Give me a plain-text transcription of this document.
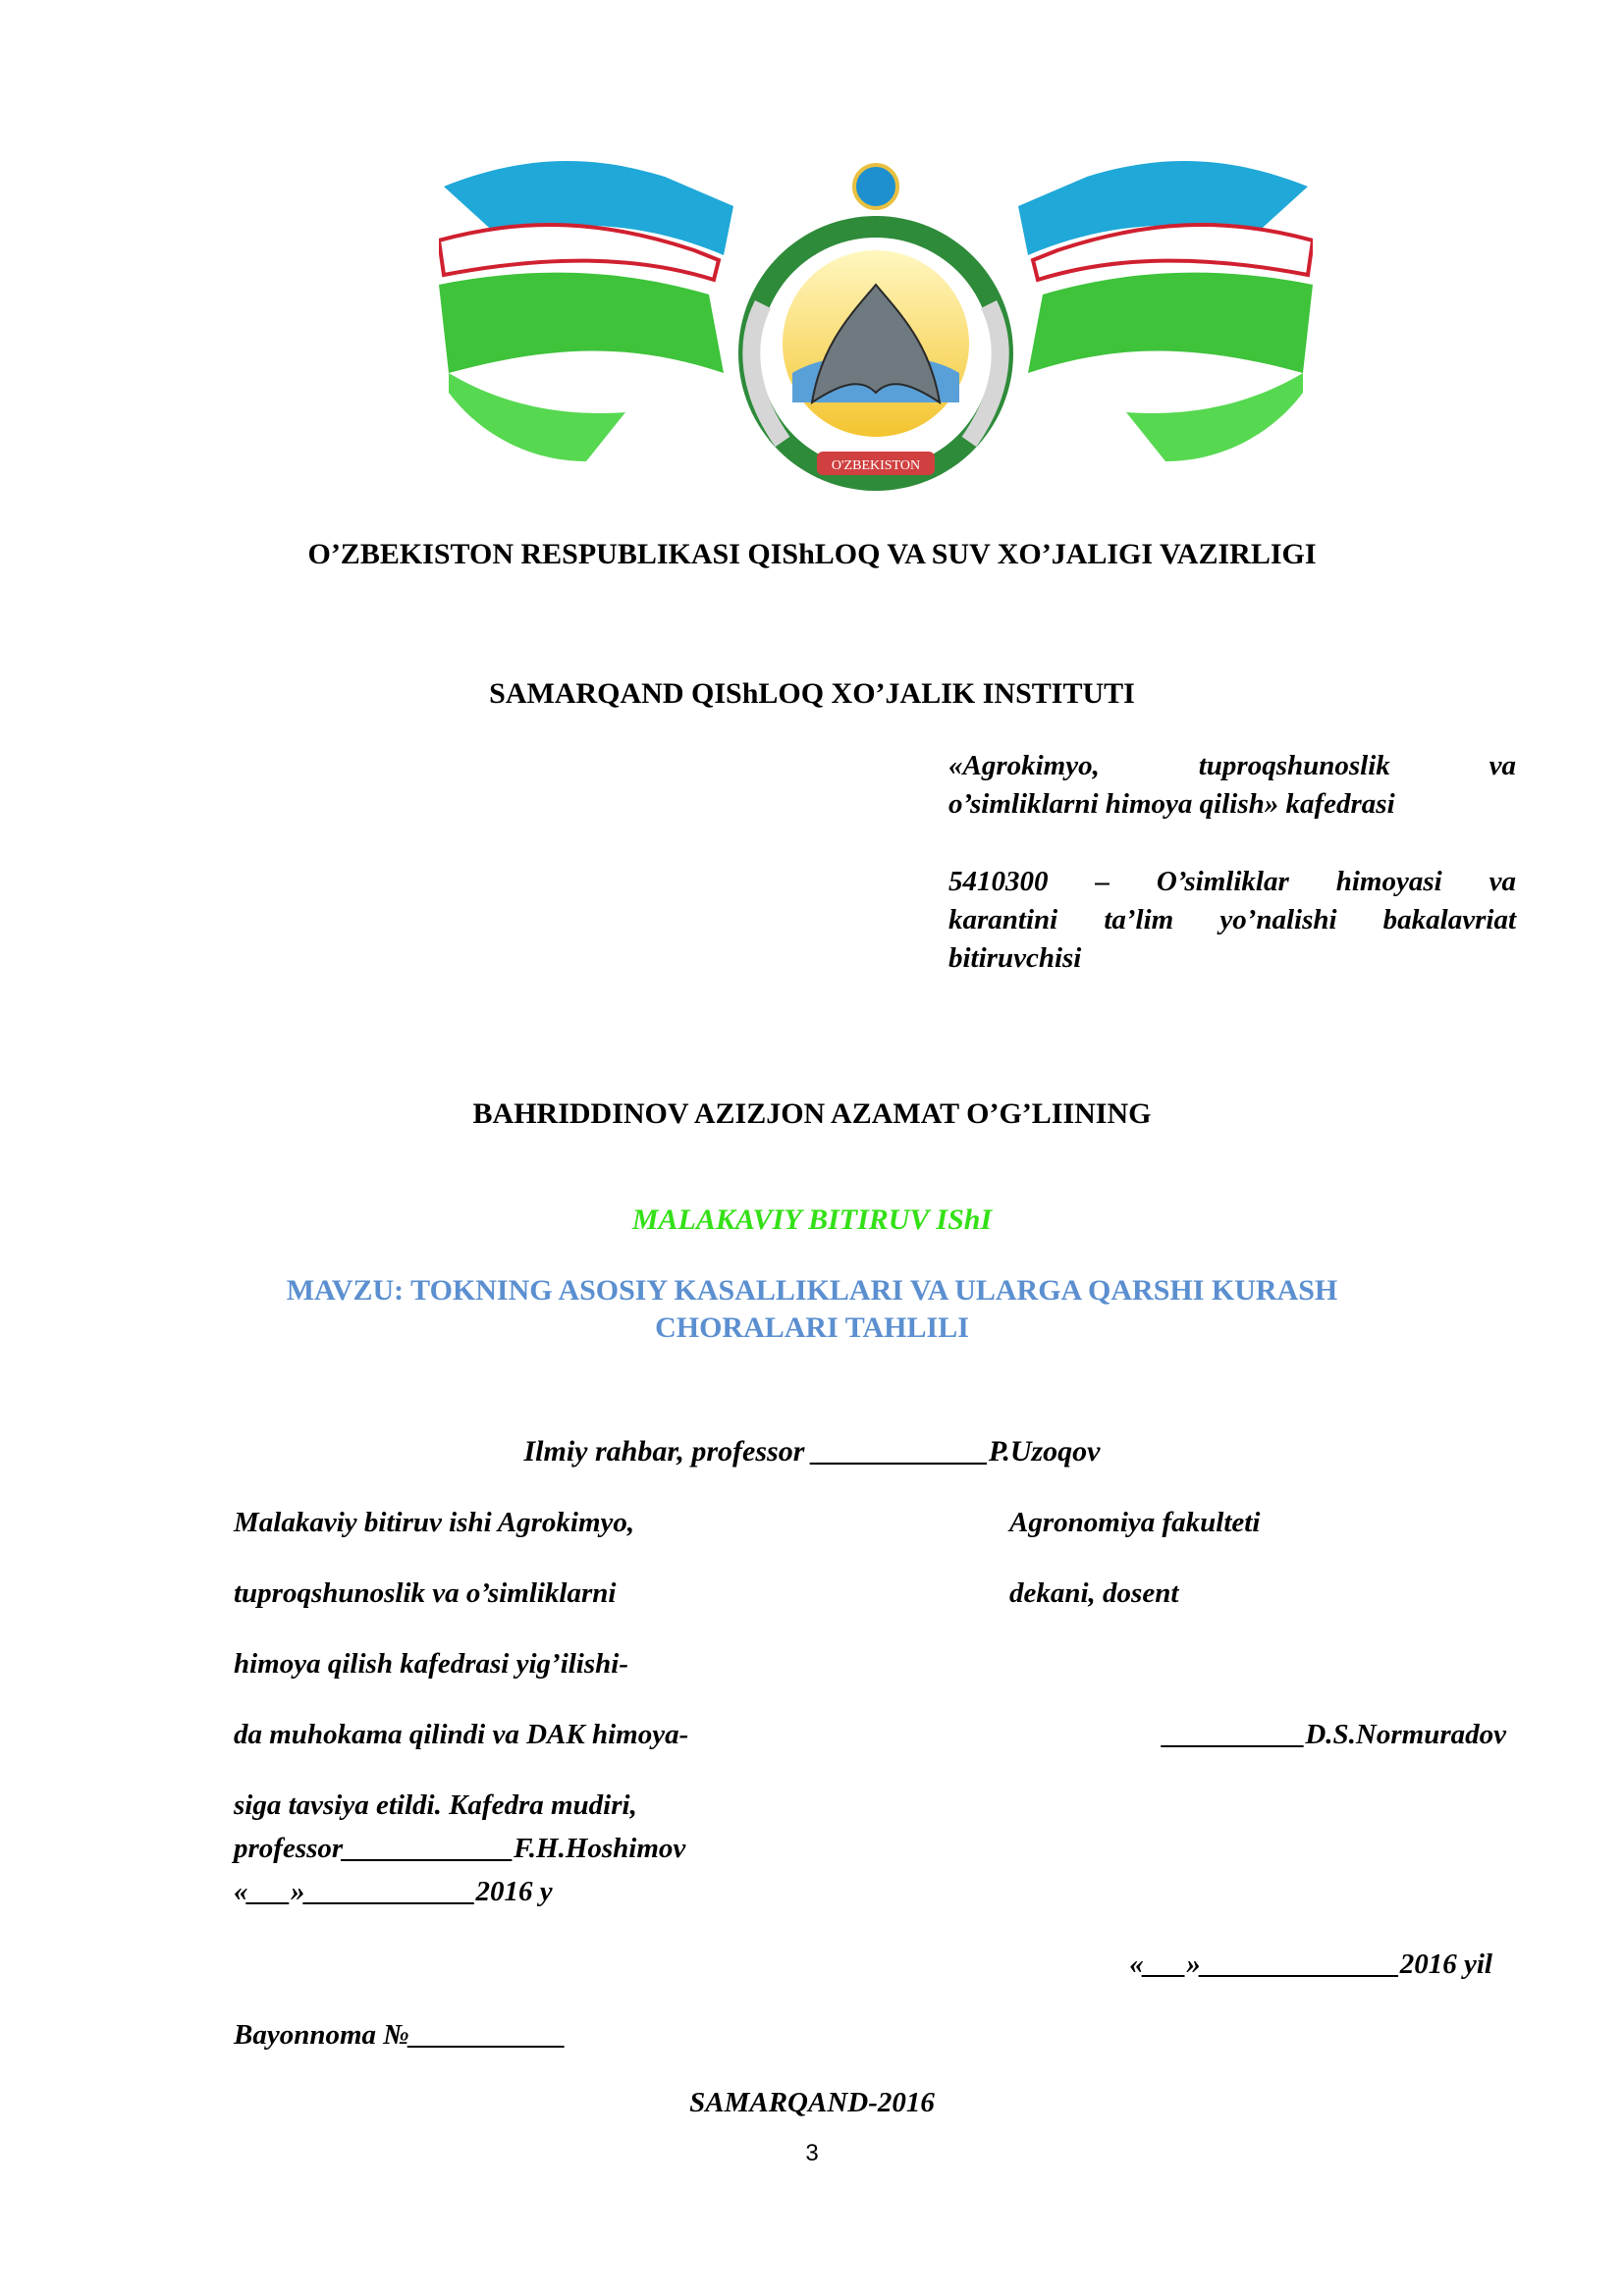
O'ZBEKISTON
O’ZBEKISTON RESPUBLIKASI QIShLOQ VA SUV XO’JALIGI VAZIRLIGI
SAMARQAND QIShLOQ XO’JALIK INSTITUTI
«Agrokimyo, tuproqshunoslik va
o’simliklarni himoya qilish» kafedrasi
5410300 – O’simliklar himoyasi va
karantini ta’lim yo’nalishi bakalavriat
bitiruvchisi
BAHRIDDINOV AZIZJON AZAMAT O’G’LIINING
MALAKAVIY BITIRUV IShI
MAVZU: TOKNING ASOSIY KASALLIKLARI VA ULARGA QARSHI KURASH
CHORALARI TAHLILI
Ilmiy rahbar, professor ____________P.Uzoqov
Malakaviy bitiruv ishi Agrokimyo,
tuproqshunoslik va o’simliklarni
himoya qilish kafedrasi yig’ilishi-
da muhokama qilindi va DAK himoya-
siga tavsiya etildi. Kafedra mudiri,
professor____________F.H.Hoshimov
«___»____________2016 y
Agronomiya fakulteti
dekani, dosent
__________D.S.Normuradov
«___»______________2016 yil
Bayonnoma №___________
SAMARQAND-2016
3
